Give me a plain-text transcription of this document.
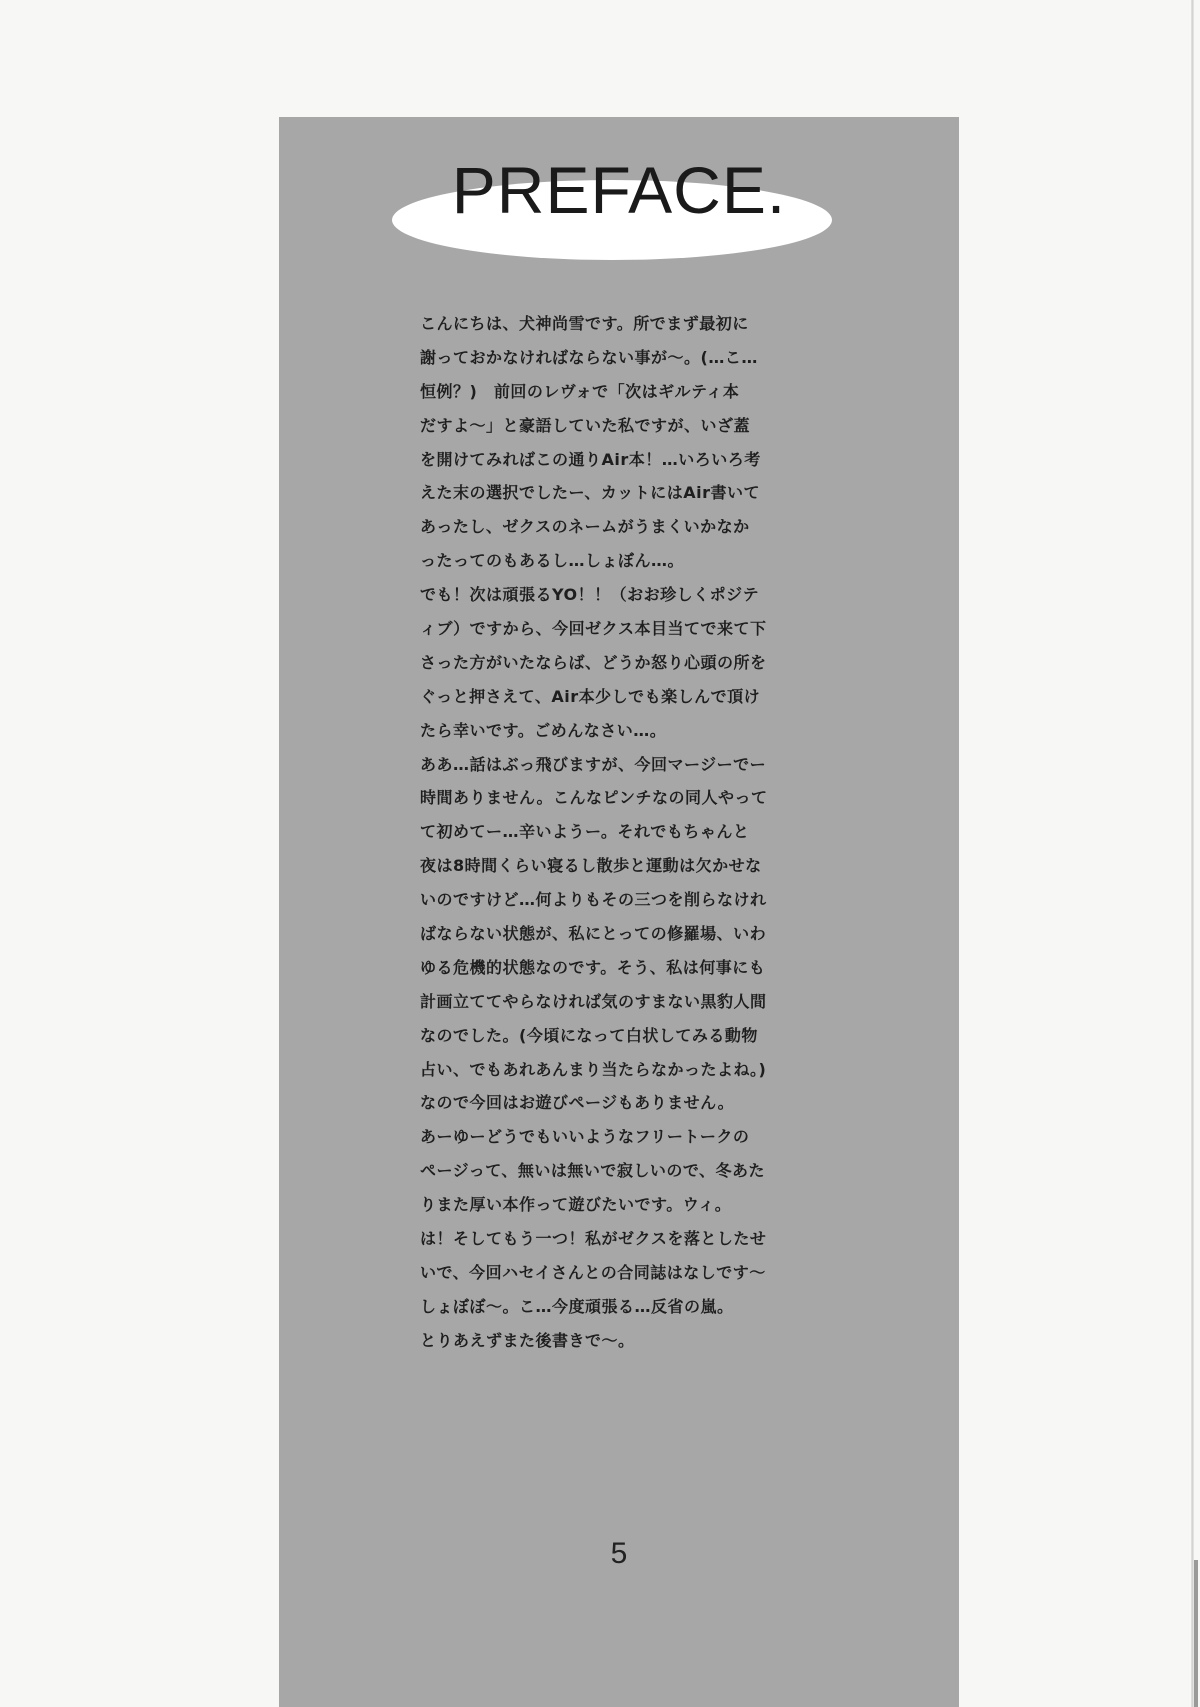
PREFACE.
こんにちは、犬神尚雪です。所でまず最初に
謝っておかなければならない事が～。(…こ…
恒例？)　前回のレヴォで「次はギルティ本
だすよ～」と豪語していた私ですが、いざ蓋
を開けてみればこの通りAir本！…いろいろ考
えた末の選択でしたー、カットにはAir書いて
あったし、ゼクスのネームがうまくいかなか
ったってのもあるし…しょぼん…。
でも！次は頑張るYO！！（おお珍しくポジテ
ィブ）ですから、今回ゼクス本目当てで来て下
さった方がいたならば、どうか怒り心頭の所を
ぐっと押さえて、Air本少しでも楽しんで頂け
たら幸いです。ごめんなさい…。
ああ…話はぶっ飛びますが、今回マージーでー
時間ありません。こんなピンチなの同人やって
て初めてー…辛いようー。それでもちゃんと
夜は8時間くらい寝るし散歩と運動は欠かせな
いのですけど…何よりもその三つを削らなけれ
ばならない状態が、私にとっての修羅場、いわ
ゆる危機的状態なのです。そう、私は何事にも
計画立ててやらなければ気のすまない黒豹人間
なのでした。(今頃になって白状してみる動物
占い、でもあれあんまり当たらなかったよね。)
なので今回はお遊びページもありません。
あーゆーどうでもいいようなフリートークの
ページって、無いは無いで寂しいので、冬あた
りまた厚い本作って遊びたいです。ウィ。
は！そしてもう一つ！私がゼクスを落としたせ
いで、今回ハセイさんとの合同誌はなしです～
しょぼぼ～。こ…今度頑張る…反省の嵐。
とりあえずまた後書きで～。
5
